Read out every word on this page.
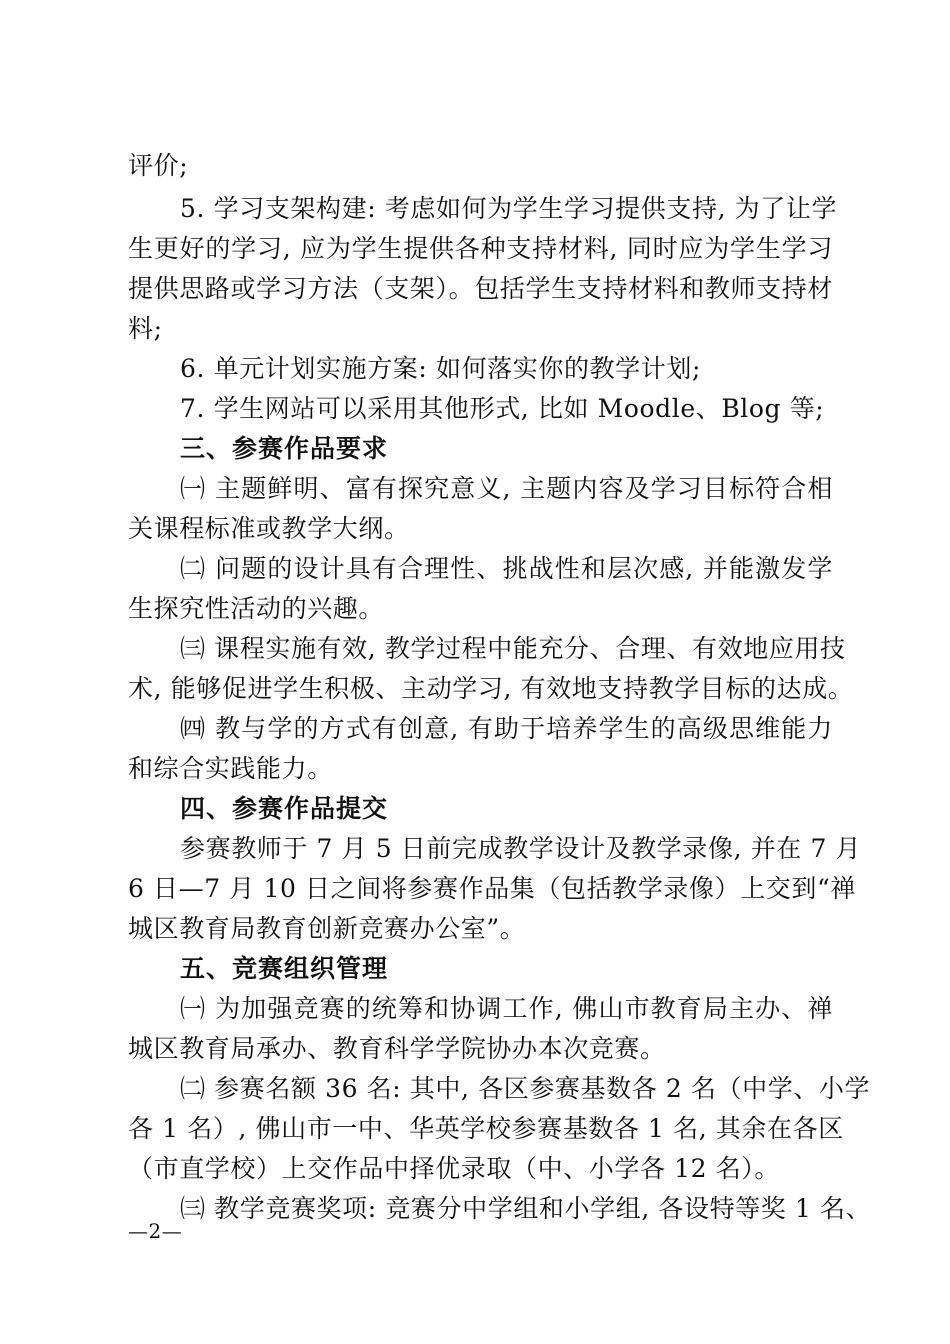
评价;
5. 学习支架构建: 考虑如何为学生学习提供支持, 为了让学
生更好的学习, 应为学生提供各种支持材料, 同时应为学生学习
提供思路或学习方法（支架）。包括学生支持材料和教师支持材
料;
6. 单元计划实施方案: 如何落实你的教学计划;
7. 学生网站可以采用其他形式, 比如 Moodle、Blog 等;
三、参赛作品要求
㈠ 主题鲜明、富有探究意义, 主题内容及学习目标符合相
关课程标准或教学大纲。
㈡ 问题的设计具有合理性、挑战性和层次感, 并能激发学
生探究性活动的兴趣。
㈢ 课程实施有效, 教学过程中能充分、合理、有效地应用技
术, 能够促进学生积极、主动学习, 有效地支持教学目标的达成。
㈣ 教与学的方式有创意, 有助于培养学生的高级思维能力
和综合实践能力。
四、参赛作品提交
参赛教师于 7 月 5 日前完成教学设计及教学录像, 并在 7 月
6 日—7 月 10 日之间将参赛作品集（包括教学录像）上交到“禅
城区教育局教育创新竞赛办公室”。
五、竞赛组织管理
㈠ 为加强竞赛的统筹和协调工作, 佛山市教育局主办、禅
城区教育局承办、教育科学学院协办本次竞赛。
㈡ 参赛名额 36 名: 其中, 各区参赛基数各 2 名（中学、小学
各 1 名）, 佛山市一中、华英学校参赛基数各 1 名, 其余在各区
（市直学校）上交作品中择优录取（中、小学各 12 名）。
㈢ 教学竞赛奖项: 竞赛分中学组和小学组, 各设特等奖 1 名、
—2—
